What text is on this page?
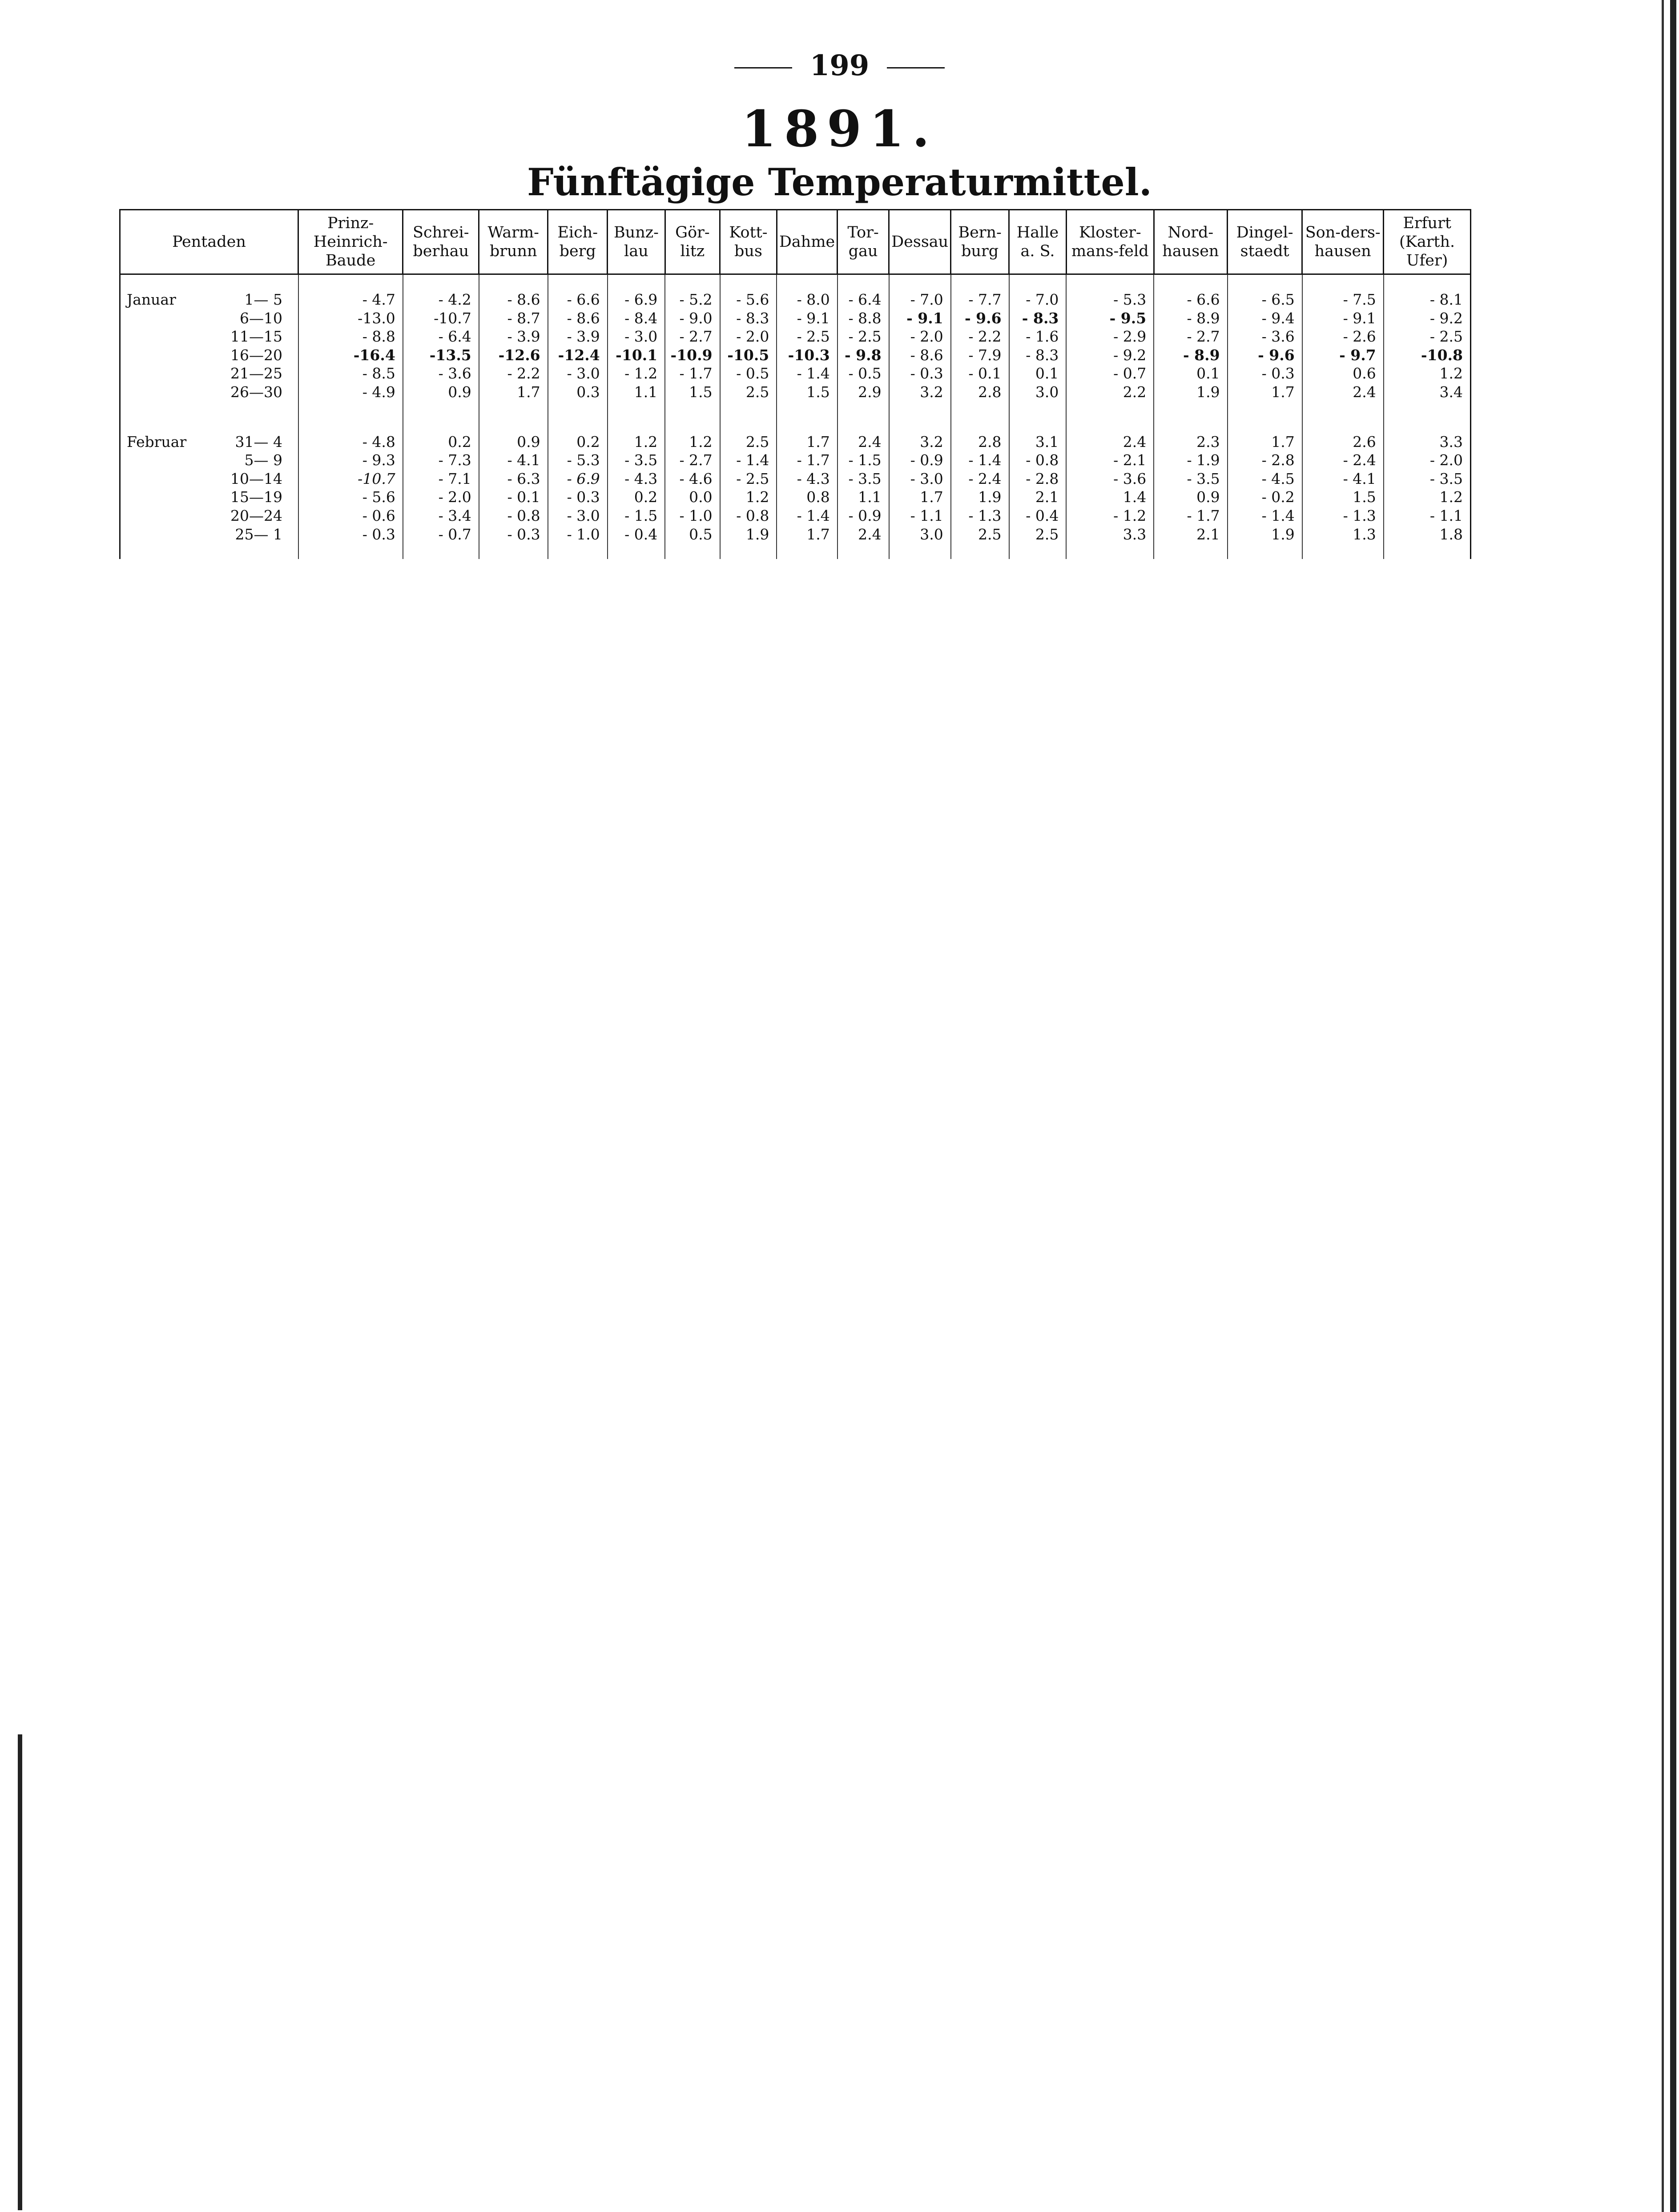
199
1891.
Fünftägige Temperaturmittel.
Pentaden	Prinz-Heinrich-Baude	Schrei-berhau	Warm-brunn	Eich-berg	Bunz-lau	Gör-litz	Kott-bus	Dahme	Tor-gau	Dessau	Bern-burg	Halle a. S.	Kloster-mans-feld	Nord-hausen	Dingel-staedt	Son-ders-hausen	Erfurt (Karth. Ufer)
Januar 1— 5	- 4.7	- 4.2	- 8.6	- 6.6	- 6.9	- 5.2	- 5.6	- 8.0	- 6.4	- 7.0	- 7.7	- 7.0	- 5.3	- 6.6	- 6.5	- 7.5	- 8.1
6—10	-13.0	-10.7	- 8.7	- 8.6	- 8.4	- 9.0	- 8.3	- 9.1	- 8.8	- 9.1	- 9.6	- 8.3	- 9.5	- 8.9	- 9.4	- 9.1	- 9.2
11—15	- 8.8	- 6.4	- 3.9	- 3.9	- 3.0	- 2.7	- 2.0	- 2.5	- 2.5	- 2.0	- 2.2	- 1.6	- 2.9	- 2.7	- 3.6	- 2.6	- 2.5
16—20	-16.4	-13.5	-12.6	-12.4	-10.1	-10.9	-10.5	-10.3	- 9.8	- 8.6	- 7.9	- 8.3	- 9.2	- 8.9	- 9.6	- 9.7	-10.8
21—25	- 8.5	- 3.6	- 2.2	- 3.0	- 1.2	- 1.7	- 0.5	- 1.4	- 0.5	- 0.3	- 0.1	0.1	- 0.7	0.1	- 0.3	0.6	1.2
26—30	- 4.9	0.9	1.7	0.3	1.1	1.5	2.5	1.5	2.9	3.2	2.8	3.0	2.2	1.9	1.7	2.4	3.4
Februar 31— 4	- 4.8	0.2	0.9	0.2	1.2	1.2	2.5	1.7	2.4	3.2	2.8	3.1	2.4	2.3	1.7	2.6	3.3
5— 9	- 9.3	- 7.3	- 4.1	- 5.3	- 3.5	- 2.7	- 1.4	- 1.7	- 1.5	- 0.9	- 1.4	- 0.8	- 2.1	- 1.9	- 2.8	- 2.4	- 2.0
10—14	-10.7	- 7.1	- 6.3	- 6.9	- 4.3	- 4.6	- 2.5	- 4.3	- 3.5	- 3.0	- 2.4	- 2.8	- 3.6	- 3.5	- 4.5	- 4.1	- 3.5
15—19	- 5.6	- 2.0	- 0.1	- 0.3	0.2	0.0	1.2	0.8	1.1	1.7	1.9	2.1	1.4	0.9	- 0.2	1.5	1.2
20—24	- 0.6	- 3.4	- 0.8	- 3.0	- 1.5	- 1.0	- 0.8	- 1.4	- 0.9	- 1.1	- 1.3	- 0.4	- 1.2	- 1.7	- 1.4	- 1.3	- 1.1
25— 1	- 0.3	- 0.7	- 0.3	- 1.0	- 0.4	0.5	1.9	1.7	2.4	3.0	2.5	2.5	3.3	2.1	1.9	1.3	1.8
